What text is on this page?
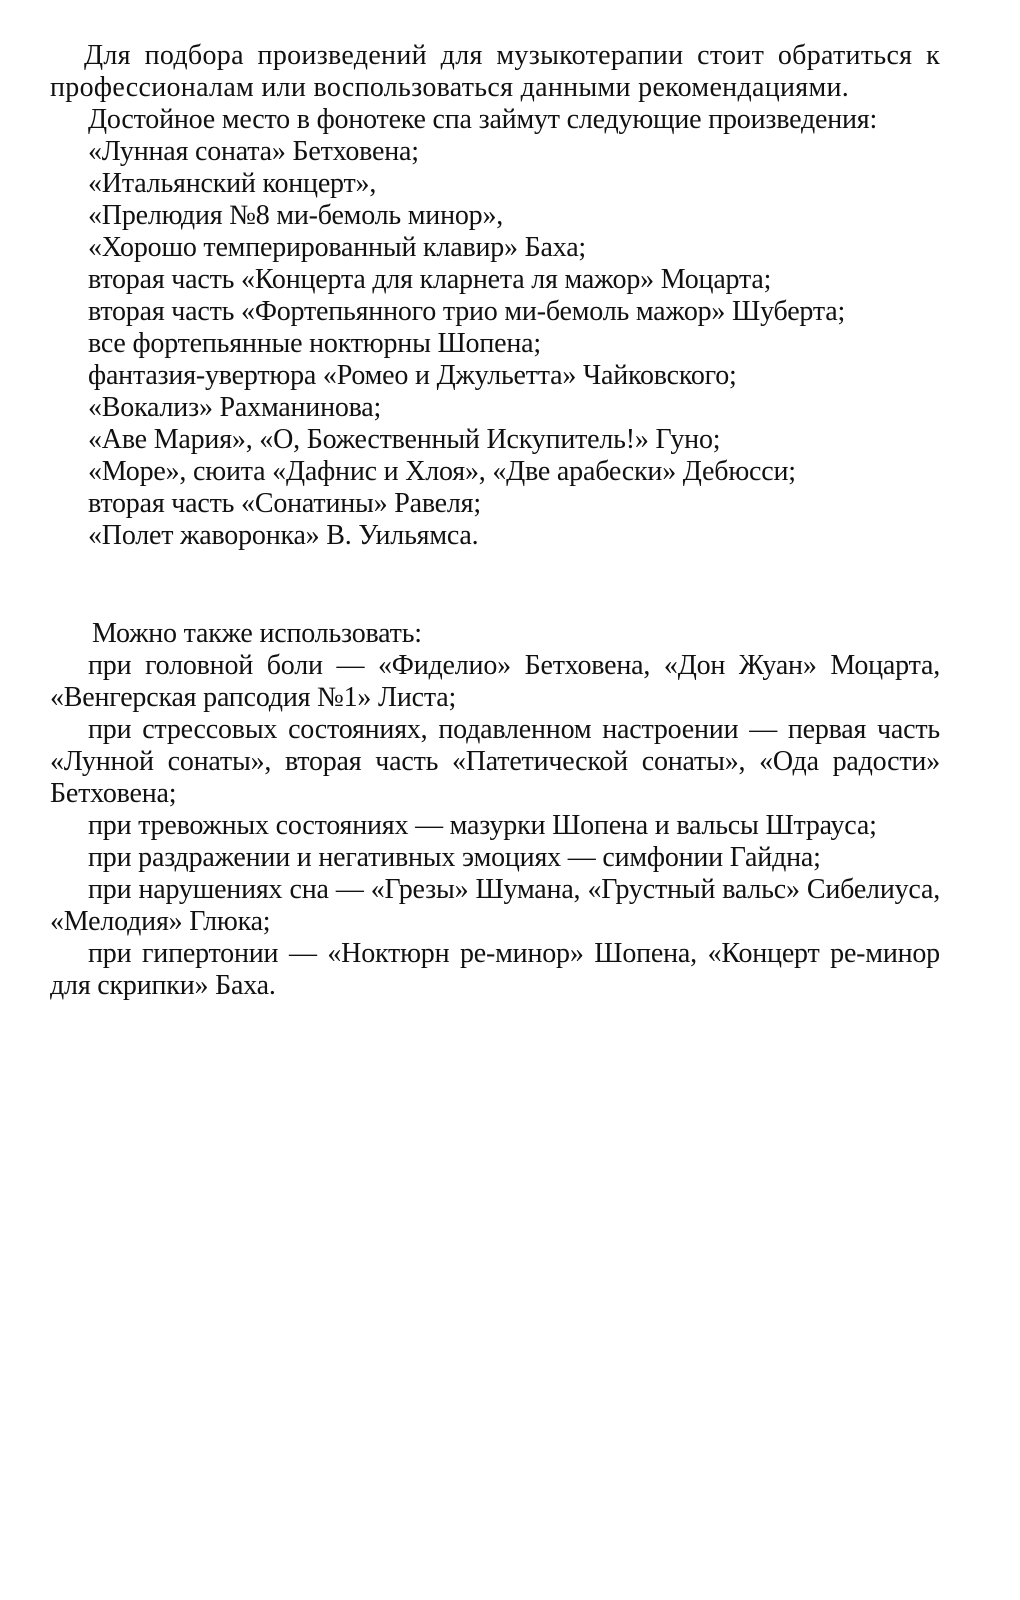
Для подбора произведений для музыкотерапии стоит обратиться к профессионалам или воспользоваться данными рекомендациями.

Достойное место в фонотеке спа займут следующие произведения:

«Лунная соната» Бетховена;
«Итальянский концерт»,
«Прелюдия №8 ми-бемоль минор»,
«Хорошо темперированный клавир» Баха;
вторая часть «Концерта для кларнета ля мажор» Моцарта;
вторая часть «Фортепьянного трио ми-бемоль мажор» Шуберта;
все фортепьянные ноктюрны Шопена;
фантазия-увертюра «Ромео и Джульетта» Чайковского;
«Вокализ» Рахманинова;
«Аве Мария», «О, Божественный Искупитель!» Гуно;
«Море», сюита «Дафнис и Хлоя», «Две арабески» Дебюсси;
вторая часть «Сонатины» Равеля;
«Полет жаворонка» В. Уильямса.

Можно также использовать:

при головной боли — «Фиделио» Бетховена, «Дон Жуан» Моцарта, «Венгерская рапсодия №1» Листа;
при стрессовых состояниях, подавленном настроении — первая часть «Лунной сонаты», вторая часть «Патетической сонаты», «Ода радости» Бетховена;
при тревожных состояниях — мазурки Шопена и вальсы Штрауса;
при раздражении и негативных эмоциях — симфонии Гайдна;
при нарушениях сна — «Грезы» Шумана, «Грустный вальс» Сибелиуса, «Мелодия» Глюка;
при гипертонии — «Ноктюрн ре-минор» Шопена, «Концерт ре-минор для скрипки» Баха.
